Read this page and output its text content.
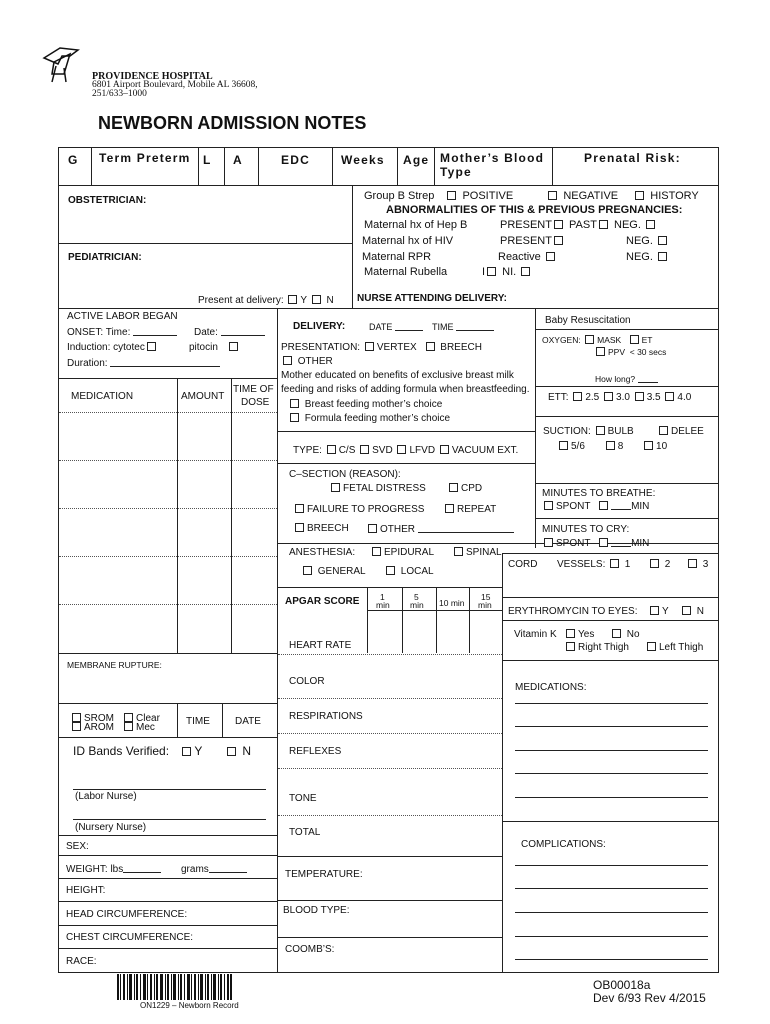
PROVIDENCE HOSPITAL
6801 Airport Boulevard, Mobile AL 36608,
251/633–1000
NEWBORN ADMISSION NOTES
G Term Preterm L A	EDC	Weeks Age Mother’s Blood Type
Prenatal Risk:
OBSTETRICIAN:
PEDIATRICIAN:
Present at delivery: Y N
Group B Strep	POSITIVE	NEGATIVE	HISTORY
ABNORMALITIES OF THIS & PREVIOUS PREGNANCIES:
Maternal hx of Hep B	PRESENT PAST NEG.
Maternal hx of HIV	PRESENT	NEG.
Maternal RPR	Reactive	NEG.
Maternal Rubella	I NI.
NURSE ATTENDING DELIVERY:
ACTIVE LABOR BEGAN
ONSET: Time:	Date:
Induction: cytotec	pitocin
Duration:
MEDICATION	AMOUNT
TIME OF
DOSE
MEMBRANE RUPTURE:
SROM
AROM
Clear
Mec
TIME	DATE
ID Bands Verified: Y	N
(Labor Nurse)
(Nursery Nurse)
SEX:
WEIGHT: lbs	grams
HEIGHT:
HEAD CIRCUMFERENCE:
CHEST CIRCUMFERENCE:
RACE:
DELIVERY:	DATE	TIME
PRESENTATION: VERTEX BREECH
OTHER
Mother educated on benefits of exclusive breast milk
feeding and risks of adding formula when breastfeeding.
Breast feeding mother’s choice
Formula feeding mother’s choice
TYPE: C/S SVD LFVD VACUUM EXT.
C–SECTION (REASON):
FETAL DISTRESS	CPD
FAILURE TO PROGRESS	REPEAT
BREECH	OTHER
ANESTHESIA:	EPIDURAL	SPINAL
GENERAL	LOCAL
APGAR SCORE 1
min
5
min 10 min
15
min
HEART RATE
COLOR
RESPIRATIONS
REFLEXES
TONE
TOTAL
TEMPERATURE:
BLOOD TYPE:
COOMB’S:
Baby Resuscitation
OXYGEN: MASK ET
PPV < 30 secs
How long?
ETT: 2.5 3.0 3.5 4.0
SUCTION: BULB	DELEE
5/6	8	10
MINUTES TO BREATHE:
SPONT	MIN
MINUTES TO CRY:
SPONT	MIN
CORD VESSELS:	1	2	3
ERYTHROMYCIN TO EYES:	Y	N
Vitamin K	Yes	No
Right Thigh	Left Thigh
MEDICATIONS:
COMPLICATIONS:
ON1229 – Newborn Record
OB00018a
Dev 6/93 Rev 4/2015
